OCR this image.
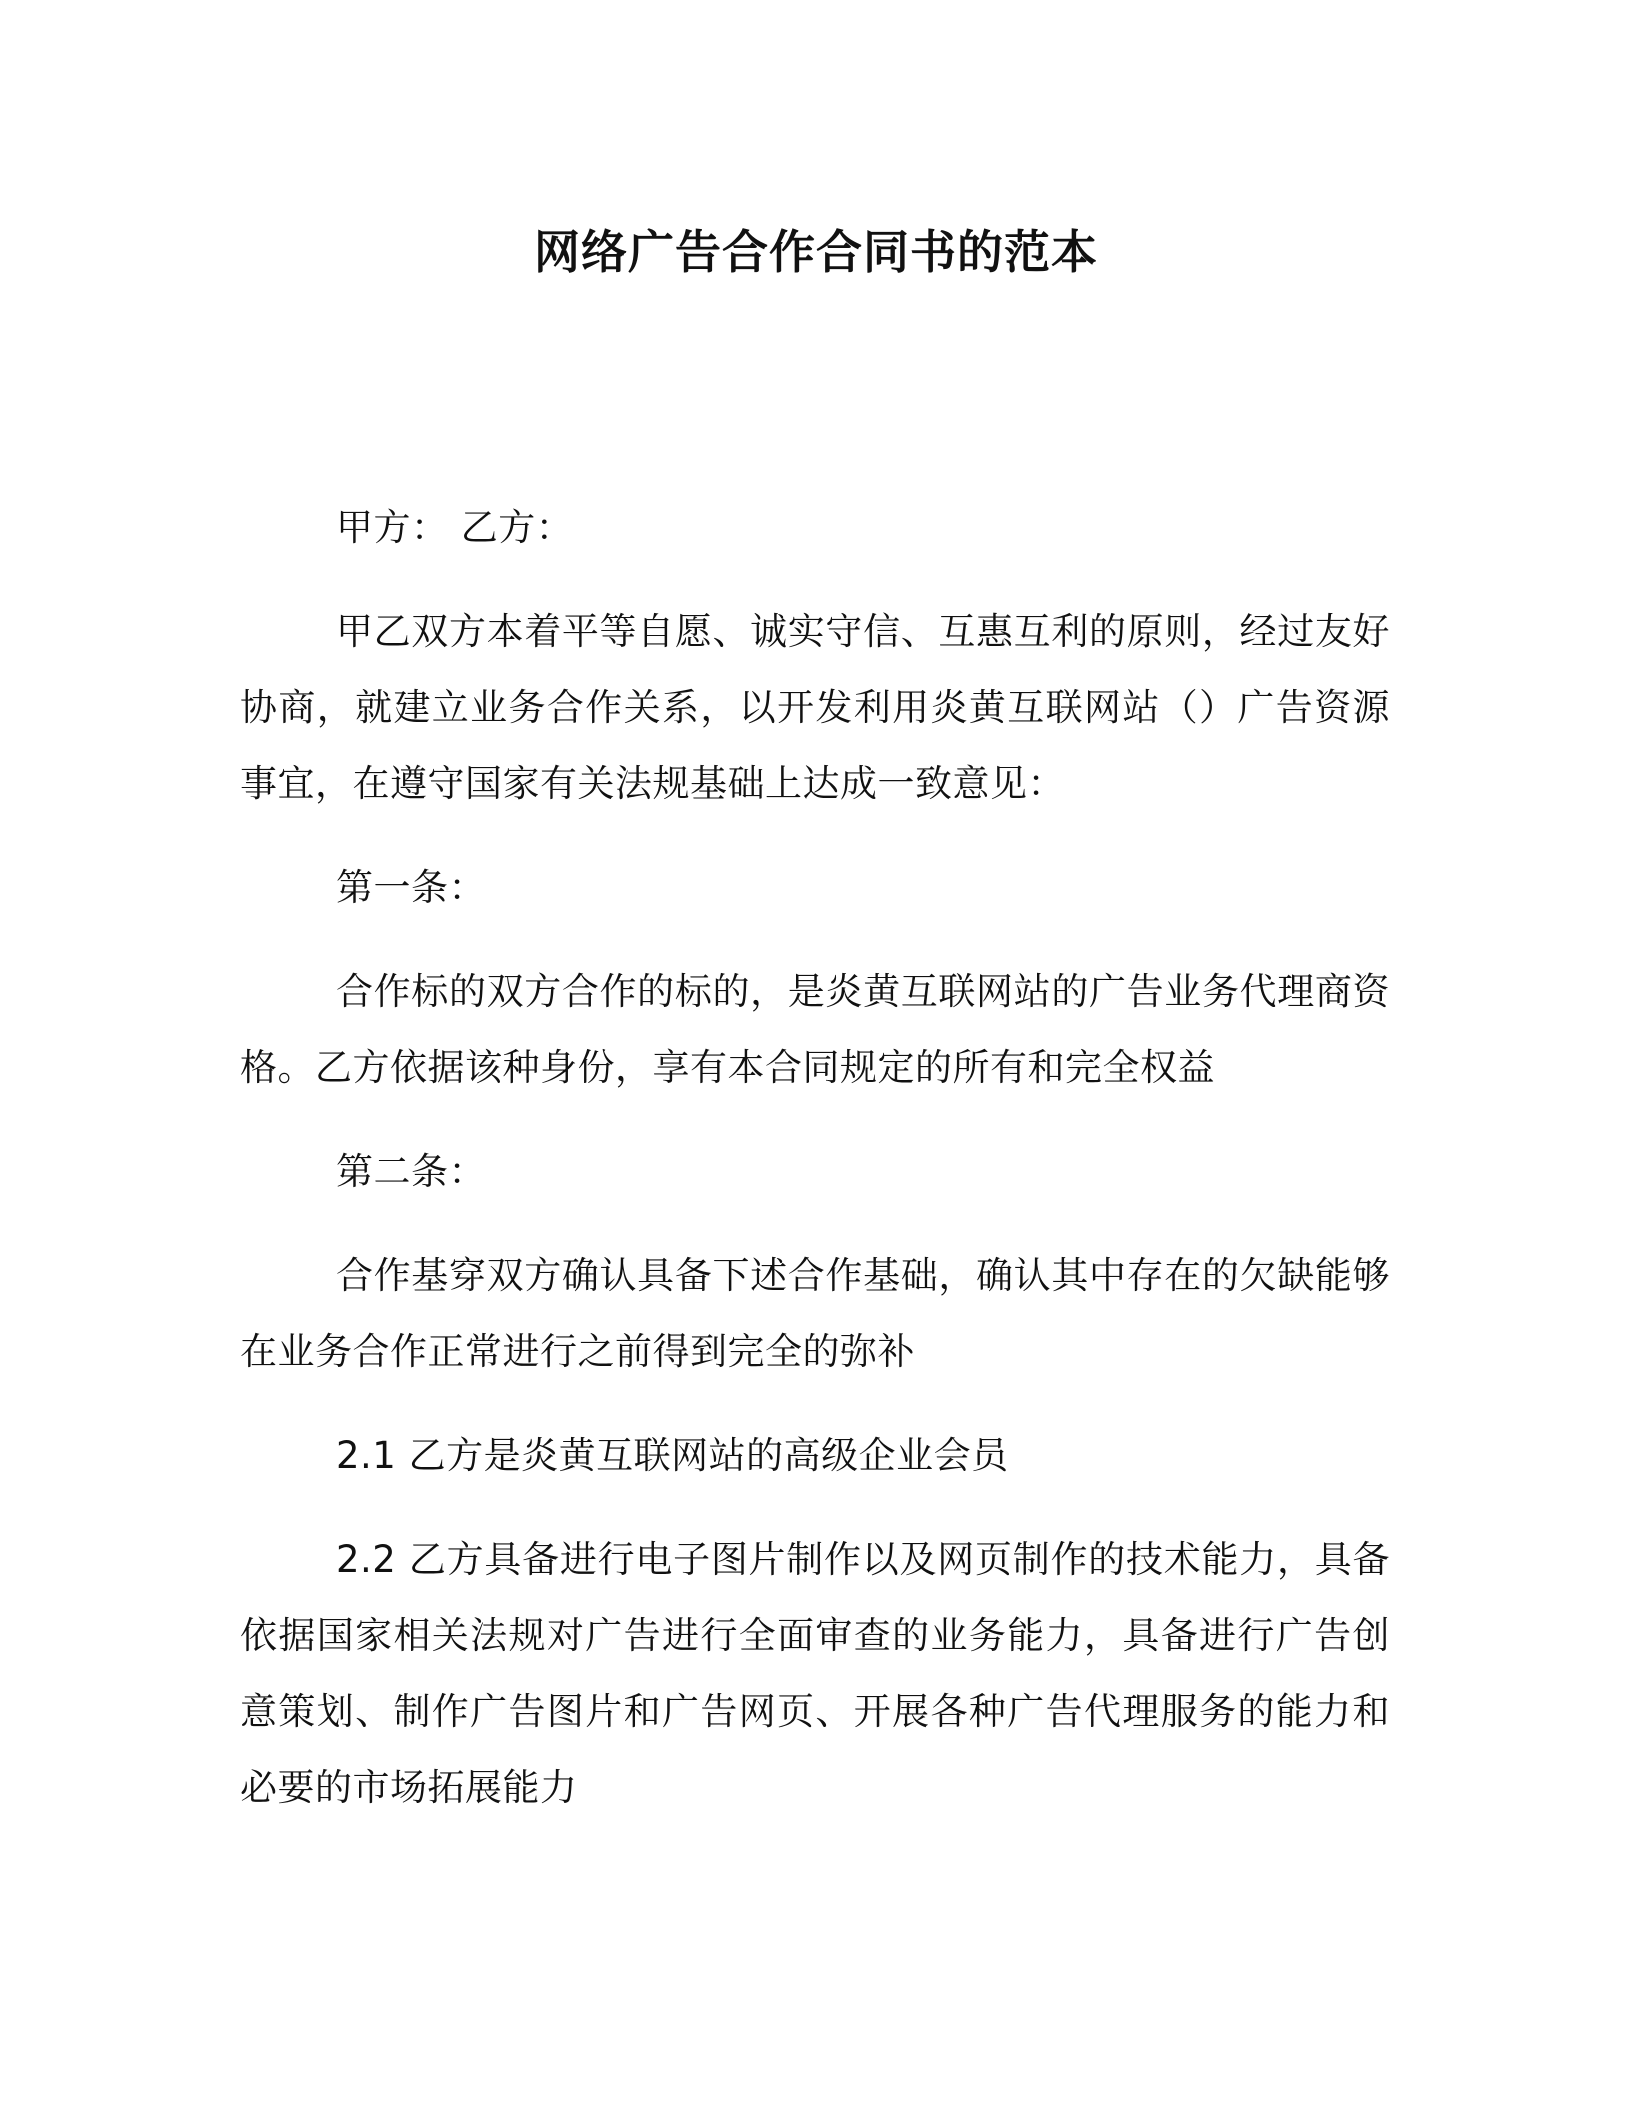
网络广告合作合同书的范本

甲方： 乙方：

甲乙双方本着平等自愿、诚实守信、互惠互利的原则，经过友好协商，就建立业务合作关系，以开发利用炎黄互联网站（）广告资源事宜，在遵守国家有关法规基础上达成一致意见：

第一条：

合作标的双方合作的标的，是炎黄互联网站的广告业务代理商资格。乙方依据该种身份，享有本合同规定的所有和完全权益

第二条：

合作基穿双方确认具备下述合作基础，确认其中存在的欠缺能够在业务合作正常进行之前得到完全的弥补

2.1 乙方是炎黄互联网站的高级企业会员

2.2 乙方具备进行电子图片制作以及网页制作的技术能力，具备依据国家相关法规对广告进行全面审查的业务能力，具备进行广告创意策划、制作广告图片和广告网页、开展各种广告代理服务的能力和必要的市场拓展能力
